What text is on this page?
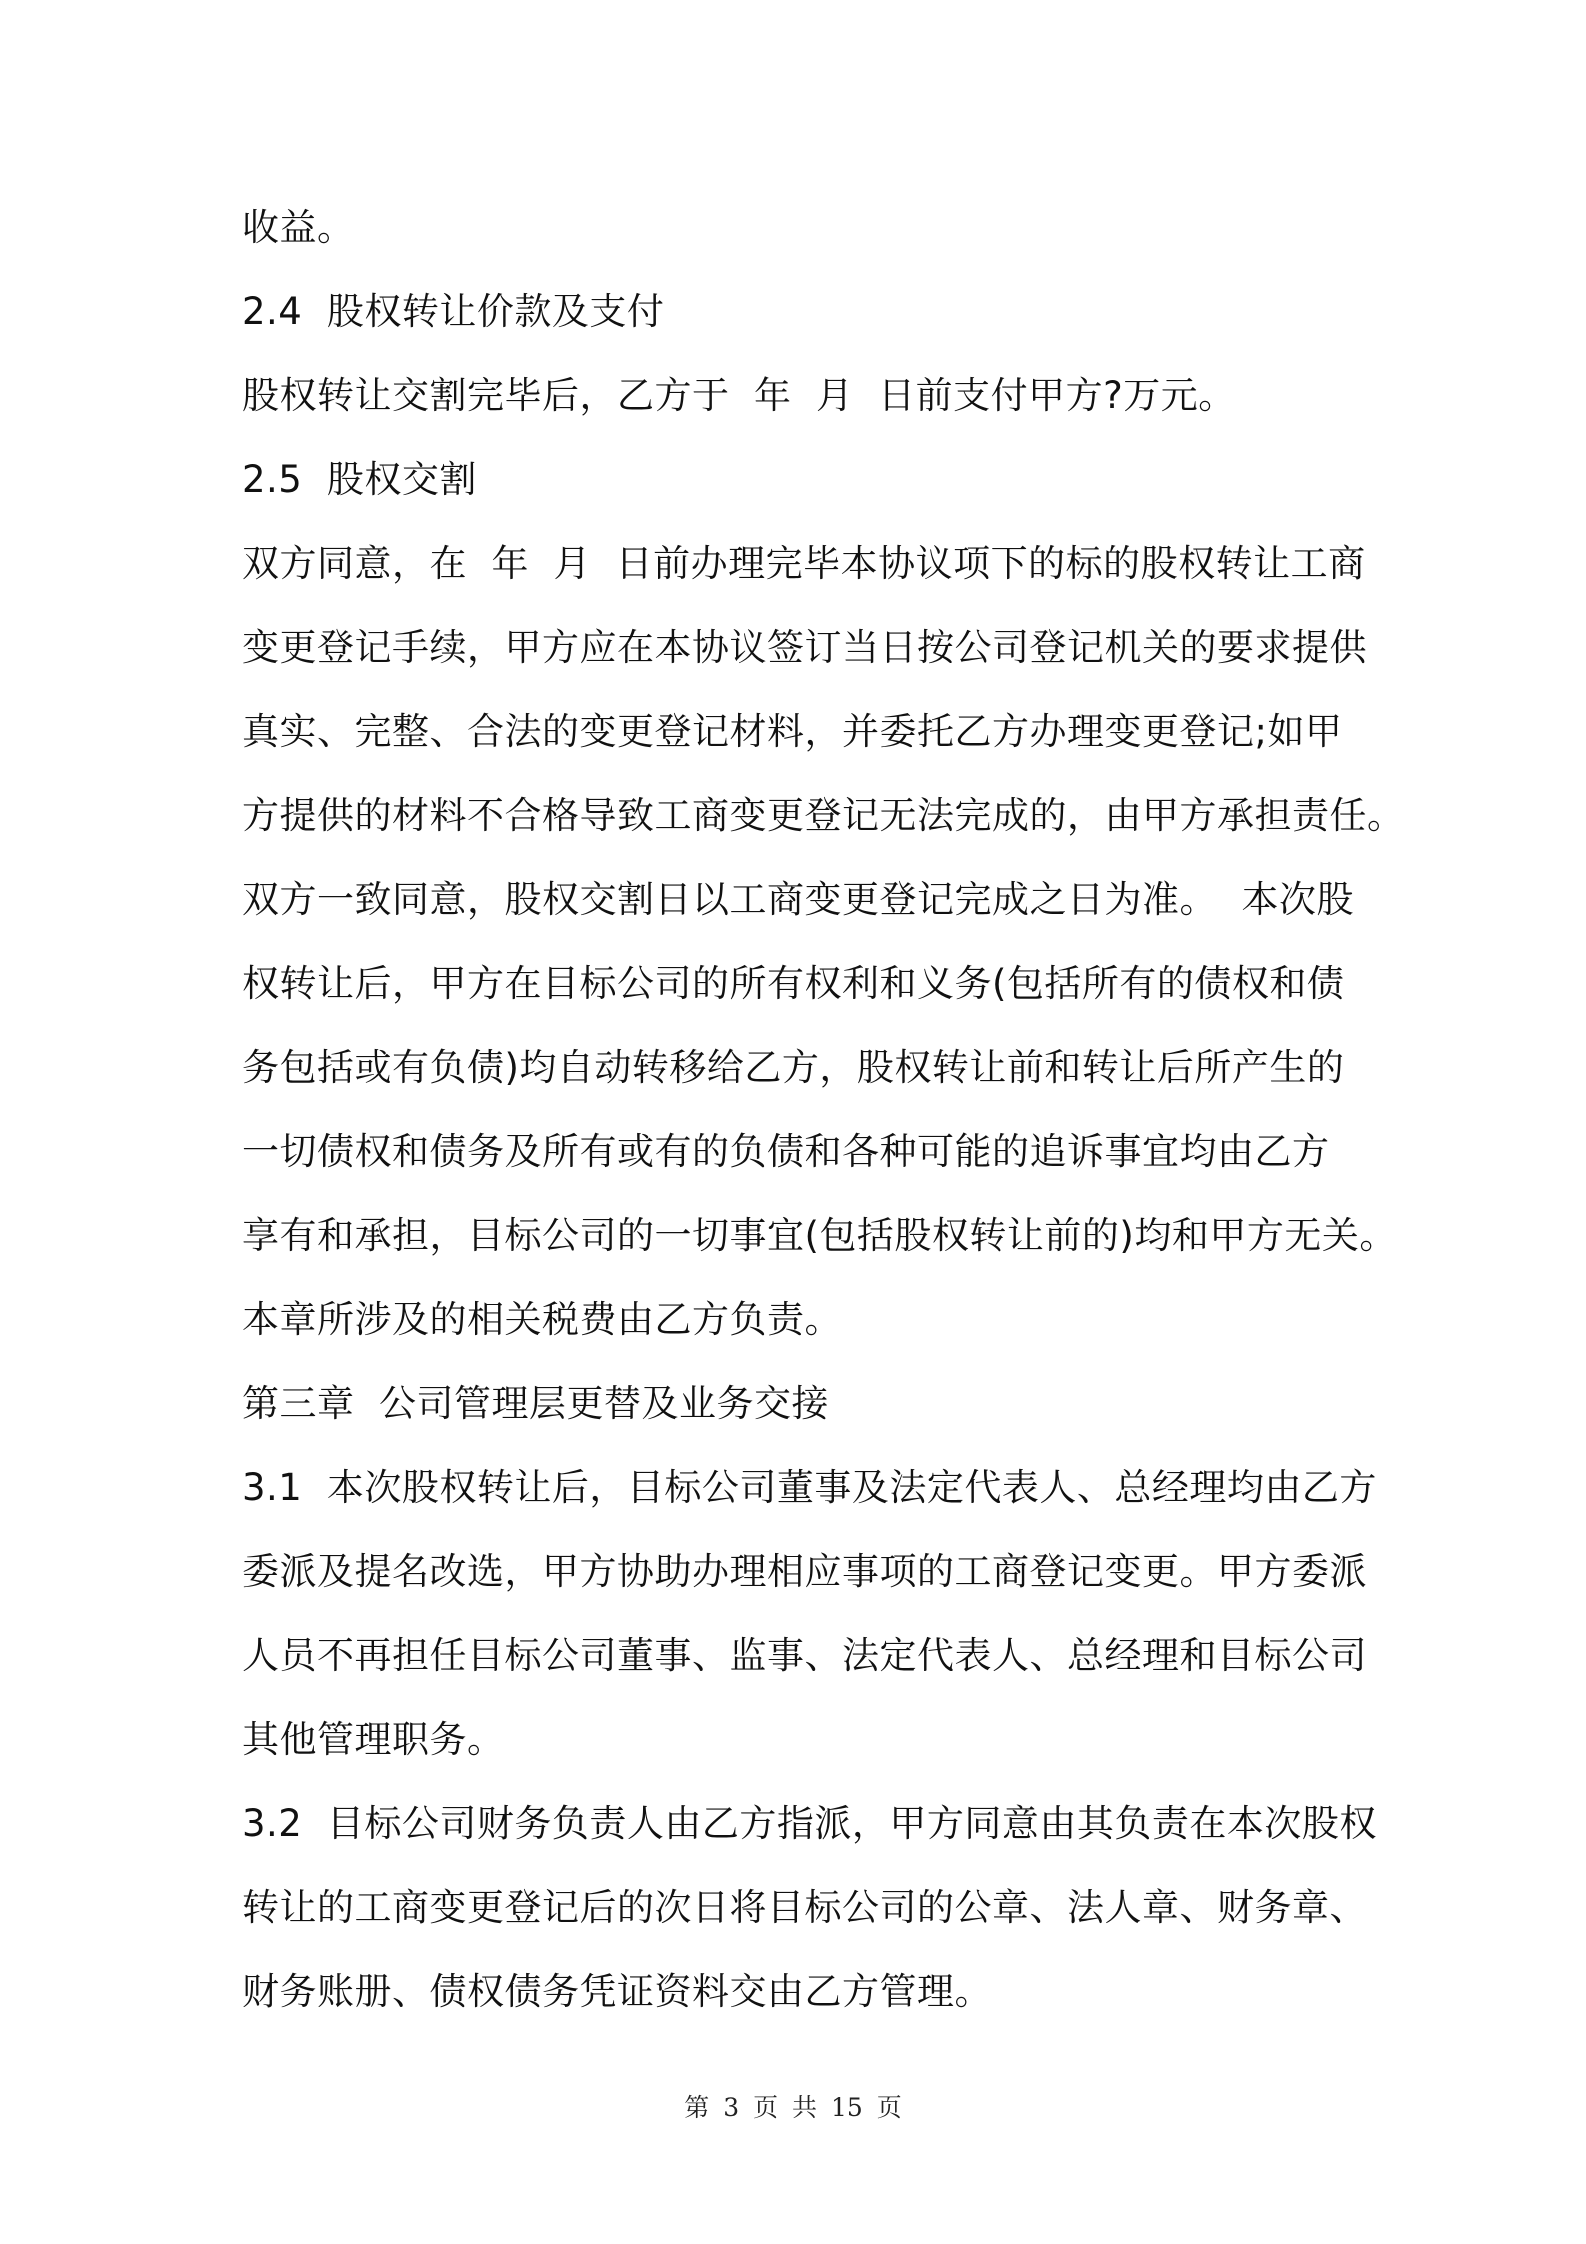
收益。
2.4  股权转让价款及支付
股权转让交割完毕后，乙方于  年  月  日前支付甲方?万元。
2.5  股权交割
双方同意，在  年  月  日前办理完毕本协议项下的标的股权转让工商
变更登记手续，甲方应在本协议签订当日按公司登记机关的要求提供
真实、完整、合法的变更登记材料，并委托乙方办理变更登记;如甲
方提供的材料不合格导致工商变更登记无法完成的，由甲方承担责任。
双方一致同意，股权交割日以工商变更登记完成之日为准。  本次股
权转让后，甲方在目标公司的所有权利和义务(包括所有的债权和债
务包括或有负债)均自动转移给乙方，股权转让前和转让后所产生的
一切债权和债务及所有或有的负债和各种可能的追诉事宜均由乙方
享有和承担，目标公司的一切事宜(包括股权转让前的)均和甲方无关。
本章所涉及的相关税费由乙方负责。
第三章  公司管理层更替及业务交接
3.1  本次股权转让后，目标公司董事及法定代表人、总经理均由乙方
委派及提名改选，甲方协助办理相应事项的工商登记变更。甲方委派
人员不再担任目标公司董事、监事、法定代表人、总经理和目标公司
其他管理职务。
3.2  目标公司财务负责人由乙方指派，甲方同意由其负责在本次股权
转让的工商变更登记后的次日将目标公司的公章、法人章、财务章、
财务账册、债权债务凭证资料交由乙方管理。
第 3 页 共 15 页
